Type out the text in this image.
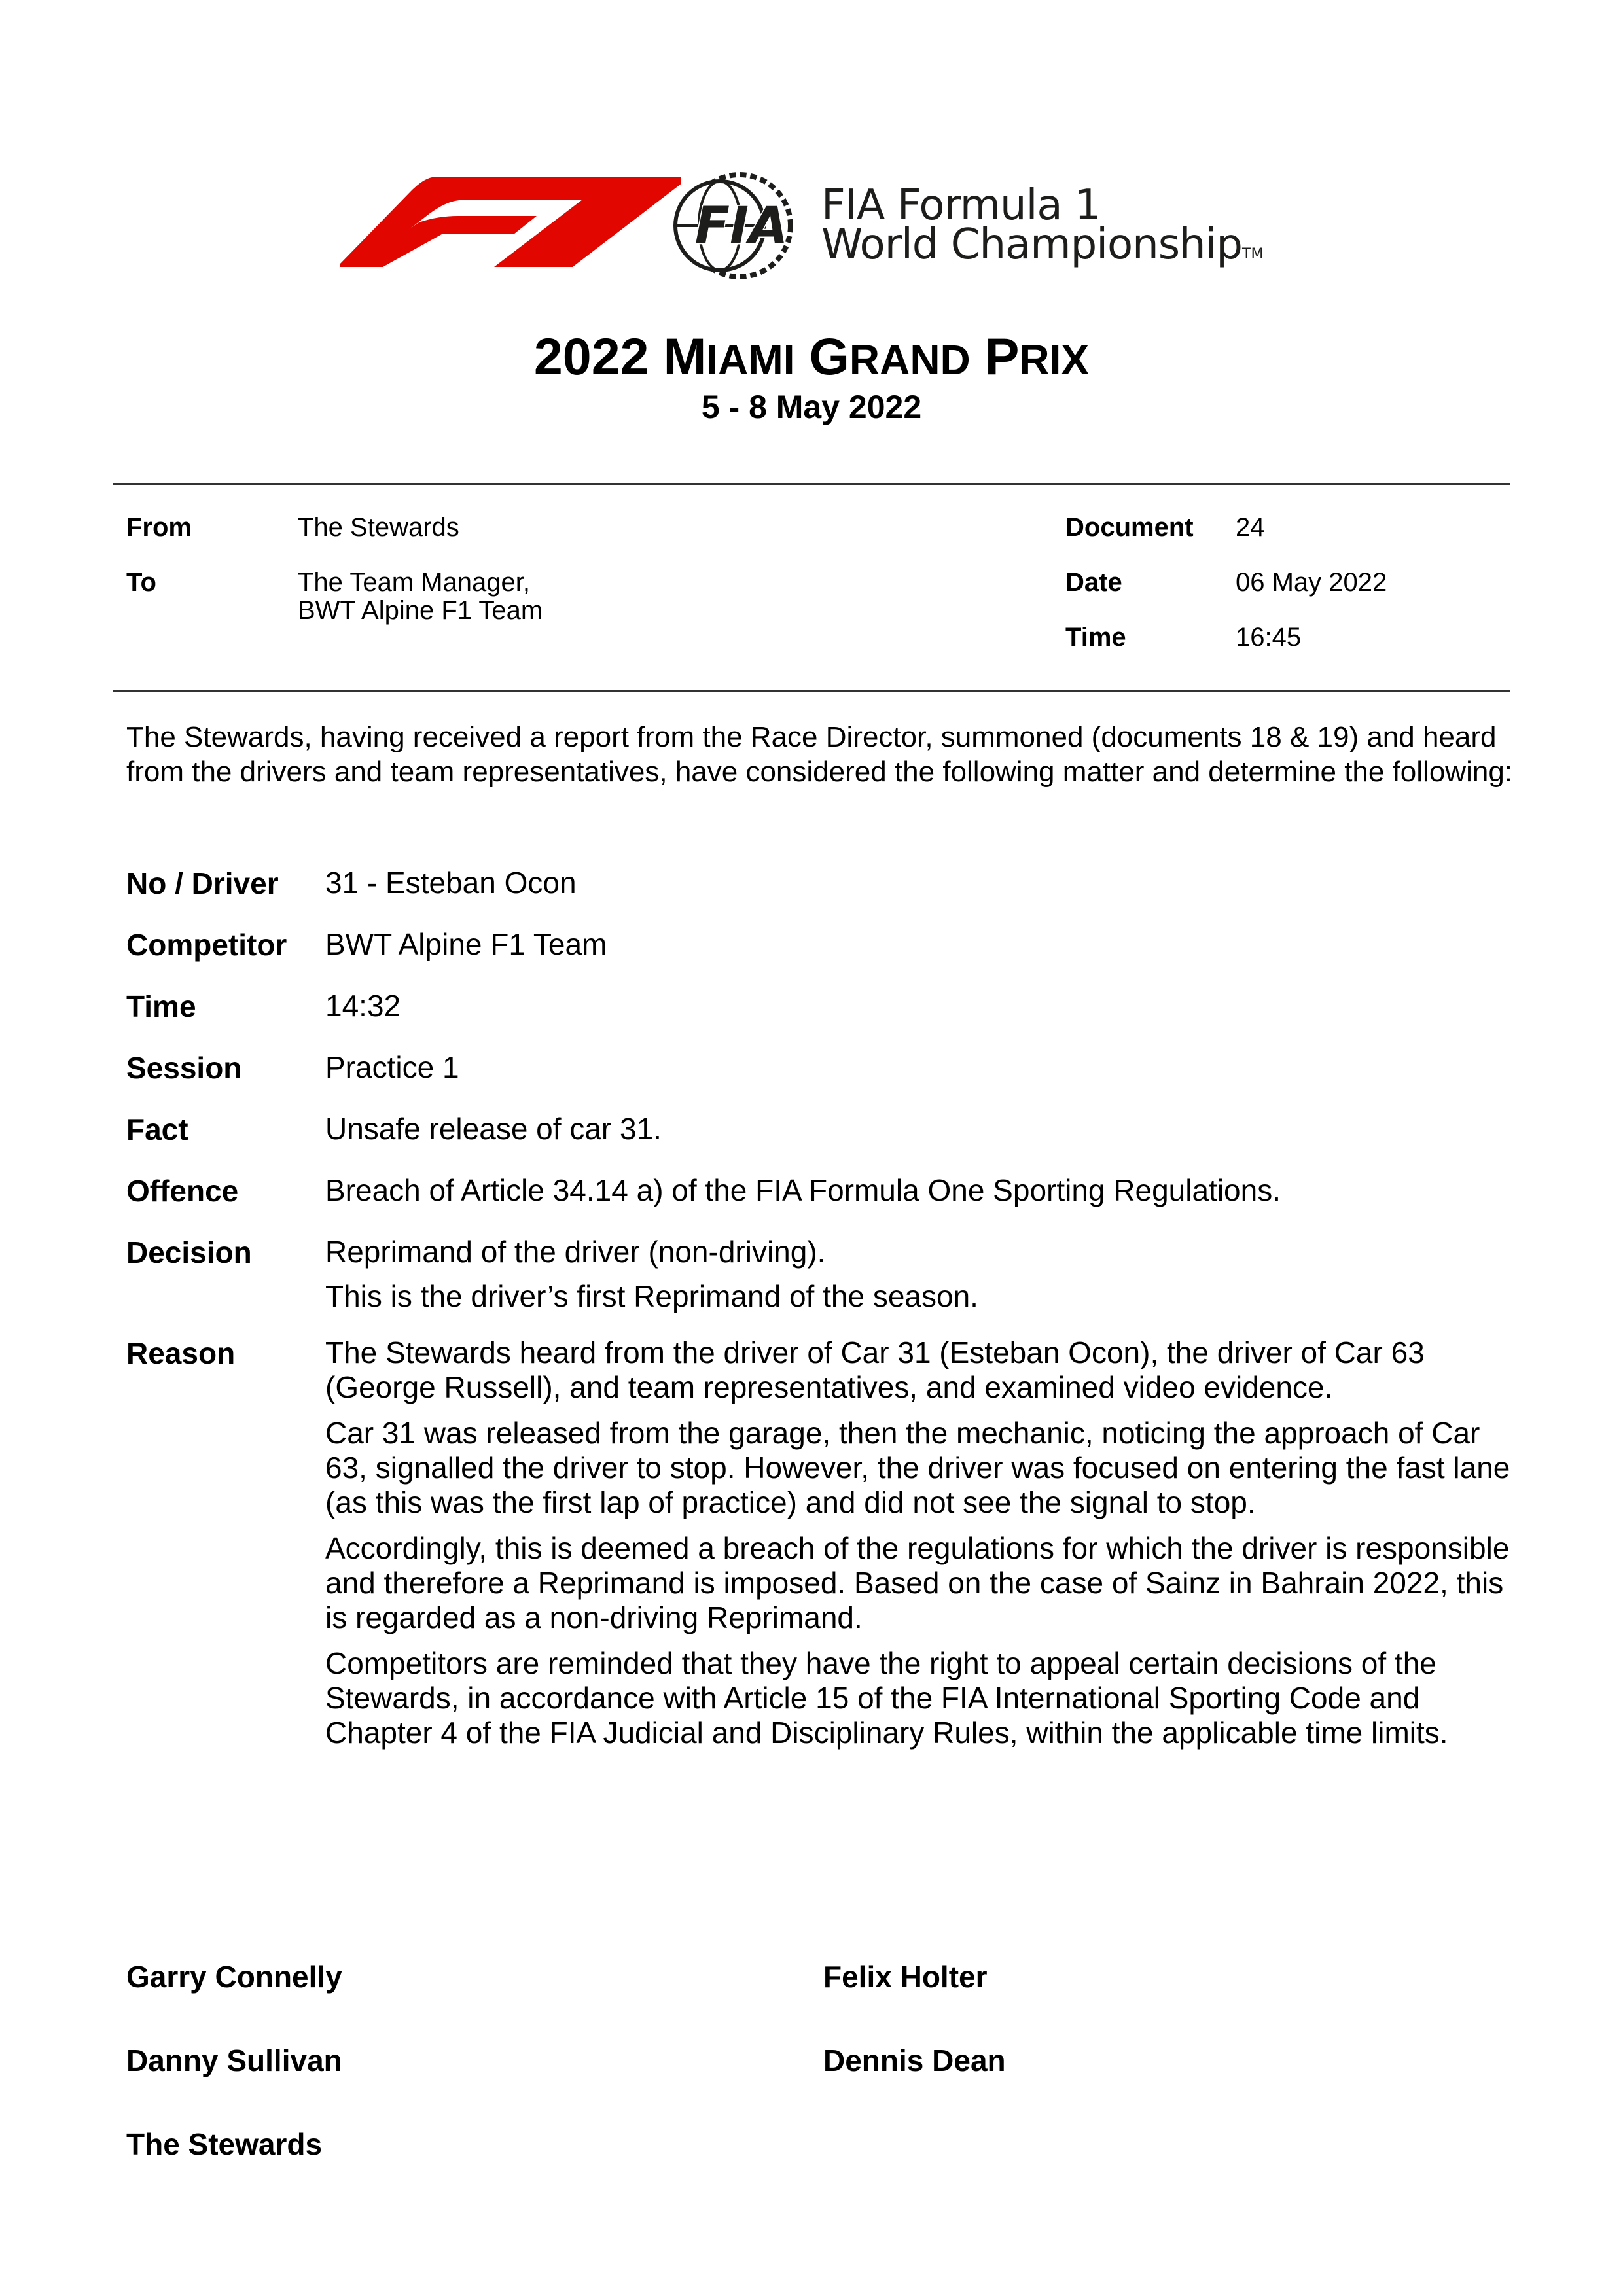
FIA FIA Formula 1
World ChampionshipTM
2022 MIAMI GRAND PRIX
5 - 8 May 2022
From	The Stewards
To	The Team Manager,
BWT Alpine F1 Team
Document 24
Date	06 May 2022
Time	16:45
The Stewards, having received a report from the Race Director, summoned (documents 18 & 19) and heard from the drivers and team representatives, have considered the following matter and determine the following:
No / Driver 31 - Esteban Ocon
Competitor BWT Alpine F1 Team
Time	14:32
Session	Practice 1
Fact	Unsafe release of car 31.
Offence	Breach of Article 34.14 a) of the FIA Formula One Sporting Regulations.
Decision Reprimand of the driver (non-driving).
This is the driver’s first Reprimand of the season.
Reason	The Stewards heard from the driver of Car 31 (Esteban Ocon), the driver of Car 63 (George Russell), and team representatives, and examined video evidence.
Car 31 was released from the garage, then the mechanic, noticing the approach of Car 63, signalled the driver to stop. However, the driver was focused on entering the fast lane (as this was the first lap of practice) and did not see the signal to stop.
Accordingly, this is deemed a breach of the regulations for which the driver is responsible and therefore a Reprimand is imposed. Based on the case of Sainz in Bahrain 2022, this is regarded as a non-driving Reprimand.
Competitors are reminded that they have the right to appeal certain decisions of the Stewards, in accordance with Article 15 of the FIA International Sporting Code and Chapter 4 of the FIA Judicial and Disciplinary Rules, within the applicable time limits.
Garry Connelly	Felix Holter
Danny Sullivan	Dennis Dean
The Stewards
